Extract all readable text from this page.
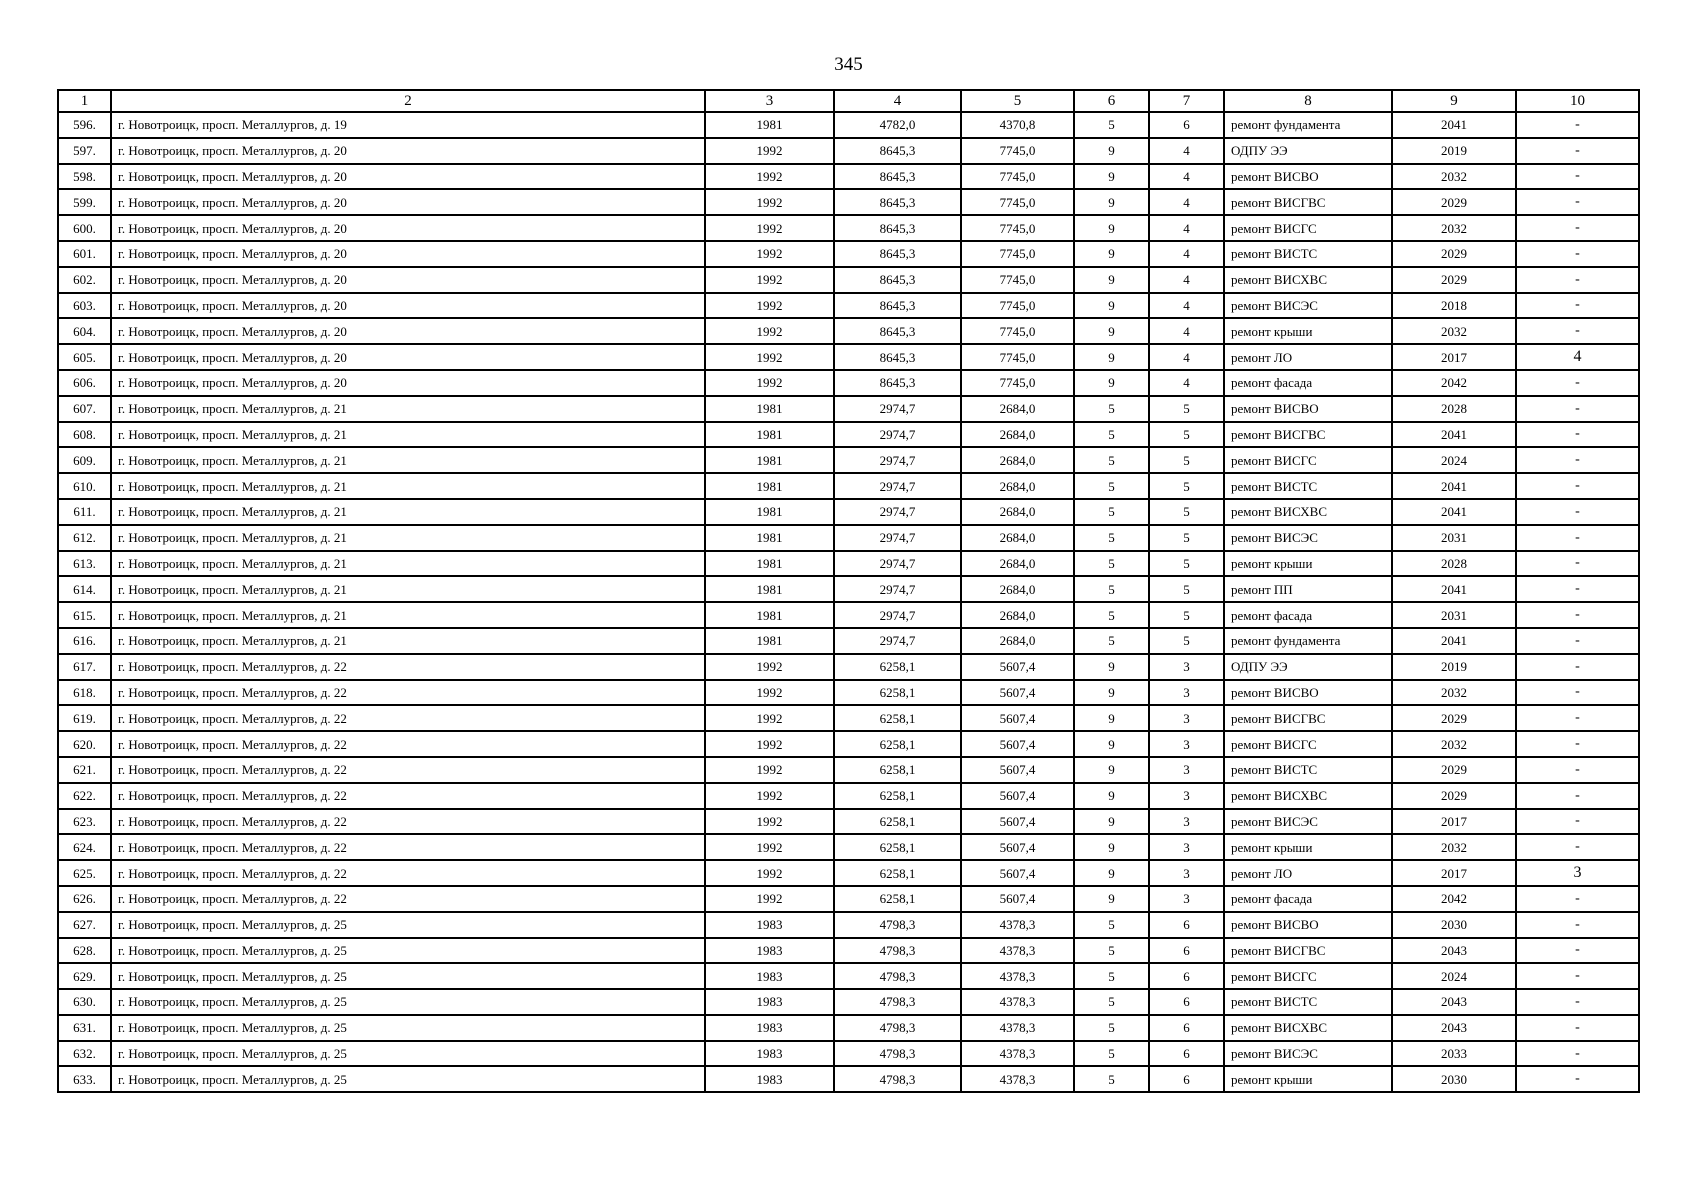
345
1	2	3	4	5	6	7	8	9	10
596.	г. Новотроицк, просп. Металлургов, д. 19	1981	4782,0	4370,8	5	6	ремонт фундамента	2041	-
597.	г. Новотроицк, просп. Металлургов, д. 20	1992	8645,3	7745,0	9	4	ОДПУ ЭЭ	2019	-
598.	г. Новотроицк, просп. Металлургов, д. 20	1992	8645,3	7745,0	9	4	ремонт ВИСВО	2032	-
599.	г. Новотроицк, просп. Металлургов, д. 20	1992	8645,3	7745,0	9	4	ремонт ВИСГВС	2029	-
600.	г. Новотроицк, просп. Металлургов, д. 20	1992	8645,3	7745,0	9	4	ремонт ВИСГС	2032	-
601.	г. Новотроицк, просп. Металлургов, д. 20	1992	8645,3	7745,0	9	4	ремонт ВИСТС	2029	-
602.	г. Новотроицк, просп. Металлургов, д. 20	1992	8645,3	7745,0	9	4	ремонт ВИСХВС	2029	-
603.	г. Новотроицк, просп. Металлургов, д. 20	1992	8645,3	7745,0	9	4	ремонт ВИСЭС	2018	-
604.	г. Новотроицк, просп. Металлургов, д. 20	1992	8645,3	7745,0	9	4	ремонт крыши	2032	-
605.	г. Новотроицк, просп. Металлургов, д. 20	1992	8645,3	7745,0	9	4	ремонт ЛО	2017	4
606.	г. Новотроицк, просп. Металлургов, д. 20	1992	8645,3	7745,0	9	4	ремонт фасада	2042	-
607.	г. Новотроицк, просп. Металлургов, д. 21	1981	2974,7	2684,0	5	5	ремонт ВИСВО	2028	-
608.	г. Новотроицк, просп. Металлургов, д. 21	1981	2974,7	2684,0	5	5	ремонт ВИСГВС	2041	-
609.	г. Новотроицк, просп. Металлургов, д. 21	1981	2974,7	2684,0	5	5	ремонт ВИСГС	2024	-
610.	г. Новотроицк, просп. Металлургов, д. 21	1981	2974,7	2684,0	5	5	ремонт ВИСТС	2041	-
611.	г. Новотроицк, просп. Металлургов, д. 21	1981	2974,7	2684,0	5	5	ремонт ВИСХВС	2041	-
612.	г. Новотроицк, просп. Металлургов, д. 21	1981	2974,7	2684,0	5	5	ремонт ВИСЭС	2031	-
613.	г. Новотроицк, просп. Металлургов, д. 21	1981	2974,7	2684,0	5	5	ремонт крыши	2028	-
614.	г. Новотроицк, просп. Металлургов, д. 21	1981	2974,7	2684,0	5	5	ремонт ПП	2041	-
615.	г. Новотроицк, просп. Металлургов, д. 21	1981	2974,7	2684,0	5	5	ремонт фасада	2031	-
616.	г. Новотроицк, просп. Металлургов, д. 21	1981	2974,7	2684,0	5	5	ремонт фундамента	2041	-
617.	г. Новотроицк, просп. Металлургов, д. 22	1992	6258,1	5607,4	9	3	ОДПУ ЭЭ	2019	-
618.	г. Новотроицк, просп. Металлургов, д. 22	1992	6258,1	5607,4	9	3	ремонт ВИСВО	2032	-
619.	г. Новотроицк, просп. Металлургов, д. 22	1992	6258,1	5607,4	9	3	ремонт ВИСГВС	2029	-
620.	г. Новотроицк, просп. Металлургов, д. 22	1992	6258,1	5607,4	9	3	ремонт ВИСГС	2032	-
621.	г. Новотроицк, просп. Металлургов, д. 22	1992	6258,1	5607,4	9	3	ремонт ВИСТС	2029	-
622.	г. Новотроицк, просп. Металлургов, д. 22	1992	6258,1	5607,4	9	3	ремонт ВИСХВС	2029	-
623.	г. Новотроицк, просп. Металлургов, д. 22	1992	6258,1	5607,4	9	3	ремонт ВИСЭС	2017	-
624.	г. Новотроицк, просп. Металлургов, д. 22	1992	6258,1	5607,4	9	3	ремонт крыши	2032	-
625.	г. Новотроицк, просп. Металлургов, д. 22	1992	6258,1	5607,4	9	3	ремонт ЛО	2017	3
626.	г. Новотроицк, просп. Металлургов, д. 22	1992	6258,1	5607,4	9	3	ремонт фасада	2042	-
627.	г. Новотроицк, просп. Металлургов, д. 25	1983	4798,3	4378,3	5	6	ремонт ВИСВО	2030	-
628.	г. Новотроицк, просп. Металлургов, д. 25	1983	4798,3	4378,3	5	6	ремонт ВИСГВС	2043	-
629.	г. Новотроицк, просп. Металлургов, д. 25	1983	4798,3	4378,3	5	6	ремонт ВИСГС	2024	-
630.	г. Новотроицк, просп. Металлургов, д. 25	1983	4798,3	4378,3	5	6	ремонт ВИСТС	2043	-
631.	г. Новотроицк, просп. Металлургов, д. 25	1983	4798,3	4378,3	5	6	ремонт ВИСХВС	2043	-
632.	г. Новотроицк, просп. Металлургов, д. 25	1983	4798,3	4378,3	5	6	ремонт ВИСЭС	2033	-
633.	г. Новотроицк, просп. Металлургов, д. 25	1983	4798,3	4378,3	5	6	ремонт крыши	2030	-
